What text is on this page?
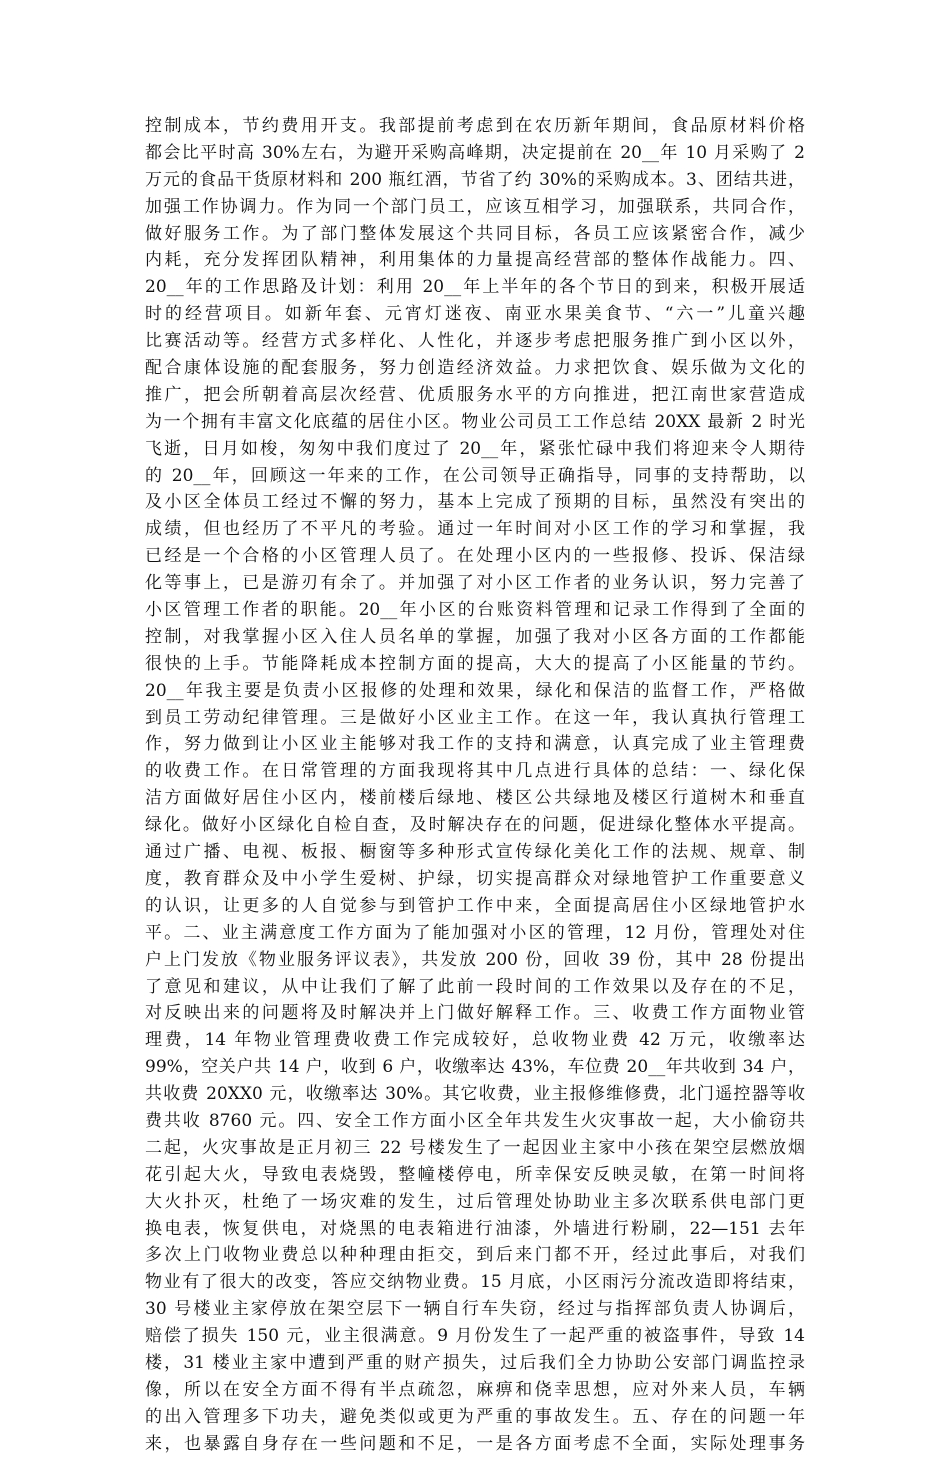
控制成本，节约费用开支。我部提前考虑到在农历新年期间，食品原材料价格
都会比平时高 30%左右，为避开采购高峰期，决定提前在 20__年 10 月采购了 2
万元的食品干货原材料和 200 瓶红酒，节省了约 30%的采购成本。3、团结共进，
加强工作协调力。作为同一个部门员工，应该互相学习，加强联系，共同合作，
做好服务工作。为了部门整体发展这个共同目标，各员工应该紧密合作，减少
内耗，充分发挥团队精神，利用集体的力量提高经营部的整体作战能力。四、
20__年的工作思路及计划：利用 20__年上半年的各个节日的到来，积极开展适
时的经营项目。如新年套、元宵灯迷夜、南亚水果美食节、“六一”儿童兴趣
比赛活动等。经营方式多样化、人性化，并逐步考虑把服务推广到小区以外，
配合康体设施的配套服务，努力创造经济效益。力求把饮食、娱乐做为文化的
推广，把会所朝着高层次经营、优质服务水平的方向推进，把江南世家营造成
为一个拥有丰富文化底蕴的居住小区。物业公司员工工作总结 20XX 最新 2 时光
飞逝，日月如梭，匆匆中我们度过了 20__年，紧张忙碌中我们将迎来令人期待
的 20__年，回顾这一年来的工作，在公司领导正确指导，同事的支持帮助，以
及小区全体员工经过不懈的努力，基本上完成了预期的目标，虽然没有突出的
成绩，但也经历了不平凡的考验。通过一年时间对小区工作的学习和掌握，我
已经是一个合格的小区管理人员了。在处理小区内的一些报修、投诉、保洁绿
化等事上，已是游刃有余了。并加强了对小区工作者的业务认识，努力完善了
小区管理工作者的职能。20__年小区的台账资料管理和记录工作得到了全面的
控制，对我掌握小区入住人员名单的掌握，加强了我对小区各方面的工作都能
很快的上手。节能降耗成本控制方面的提高，大大的提高了小区能量的节约。
20__年我主要是负责小区报修的处理和效果，绿化和保洁的监督工作，严格做
到员工劳动纪律管理。三是做好小区业主工作。在这一年，我认真执行管理工
作，努力做到让小区业主能够对我工作的支持和满意，认真完成了业主管理费
的收费工作。在日常管理的方面我现将其中几点进行具体的总结：一、绿化保
洁方面做好居住小区内，楼前楼后绿地、楼区公共绿地及楼区行道树木和垂直
绿化。做好小区绿化自检自查，及时解决存在的问题，促进绿化整体水平提高。
通过广播、电视、板报、橱窗等多种形式宣传绿化美化工作的法规、规章、制
度，教育群众及中小学生爱树、护绿，切实提高群众对绿地管护工作重要意义
的认识，让更多的人自觉参与到管护工作中来，全面提高居住小区绿地管护水
平。二、业主满意度工作方面为了能加强对小区的管理，12 月份，管理处对住
户上门发放《物业服务评议表》，共发放 200 份，回收 39 份，其中 28 份提出
了意见和建议，从中让我们了解了此前一段时间的工作效果以及存在的不足，
对反映出来的问题将及时解决并上门做好解释工作。三、收费工作方面物业管
理费，14 年物业管理费收费工作完成较好，总收物业费 42 万元，收缴率达
99%，空关户共 14 户，收到 6 户，收缴率达 43%，车位费 20__年共收到 34 户，
共收费 20XX0 元，收缴率达 30%。其它收费，业主报修维修费，北门遥控器等收
费共收 8760 元。四、安全工作方面小区全年共发生火灾事故一起，大小偷窃共
二起，火灾事故是正月初三 22 号楼发生了一起因业主家中小孩在架空层燃放烟
花引起大火，导致电表烧毁，整幢楼停电，所幸保安反映灵敏，在第一时间将
大火扑灭，杜绝了一场灾难的发生，过后管理处协助业主多次联系供电部门更
换电表，恢复供电，对烧黑的电表箱进行油漆，外墙进行粉刷，22—151 去年
多次上门收物业费总以种种理由拒交，到后来门都不开，经过此事后，对我们
物业有了很大的改变，答应交纳物业费。15 月底，小区雨污分流改造即将结束，
30 号楼业主家停放在架空层下一辆自行车失窃，经过与指挥部负责人协调后，
赔偿了损失 150 元，业主很满意。9 月份发生了一起严重的被盗事件，导致 14
楼，31 楼业主家中遭到严重的财产损失，过后我们全力协助公安部门调监控录
像，所以在安全方面不得有半点疏忽，麻痹和侥幸思想，应对外来人员，车辆
的出入管理多下功夫，避免类似或更为严重的事故发生。五、存在的问题一年
来，也暴露自身存在一些问题和不足，一是各方面考虑不全面，实际处理事务
